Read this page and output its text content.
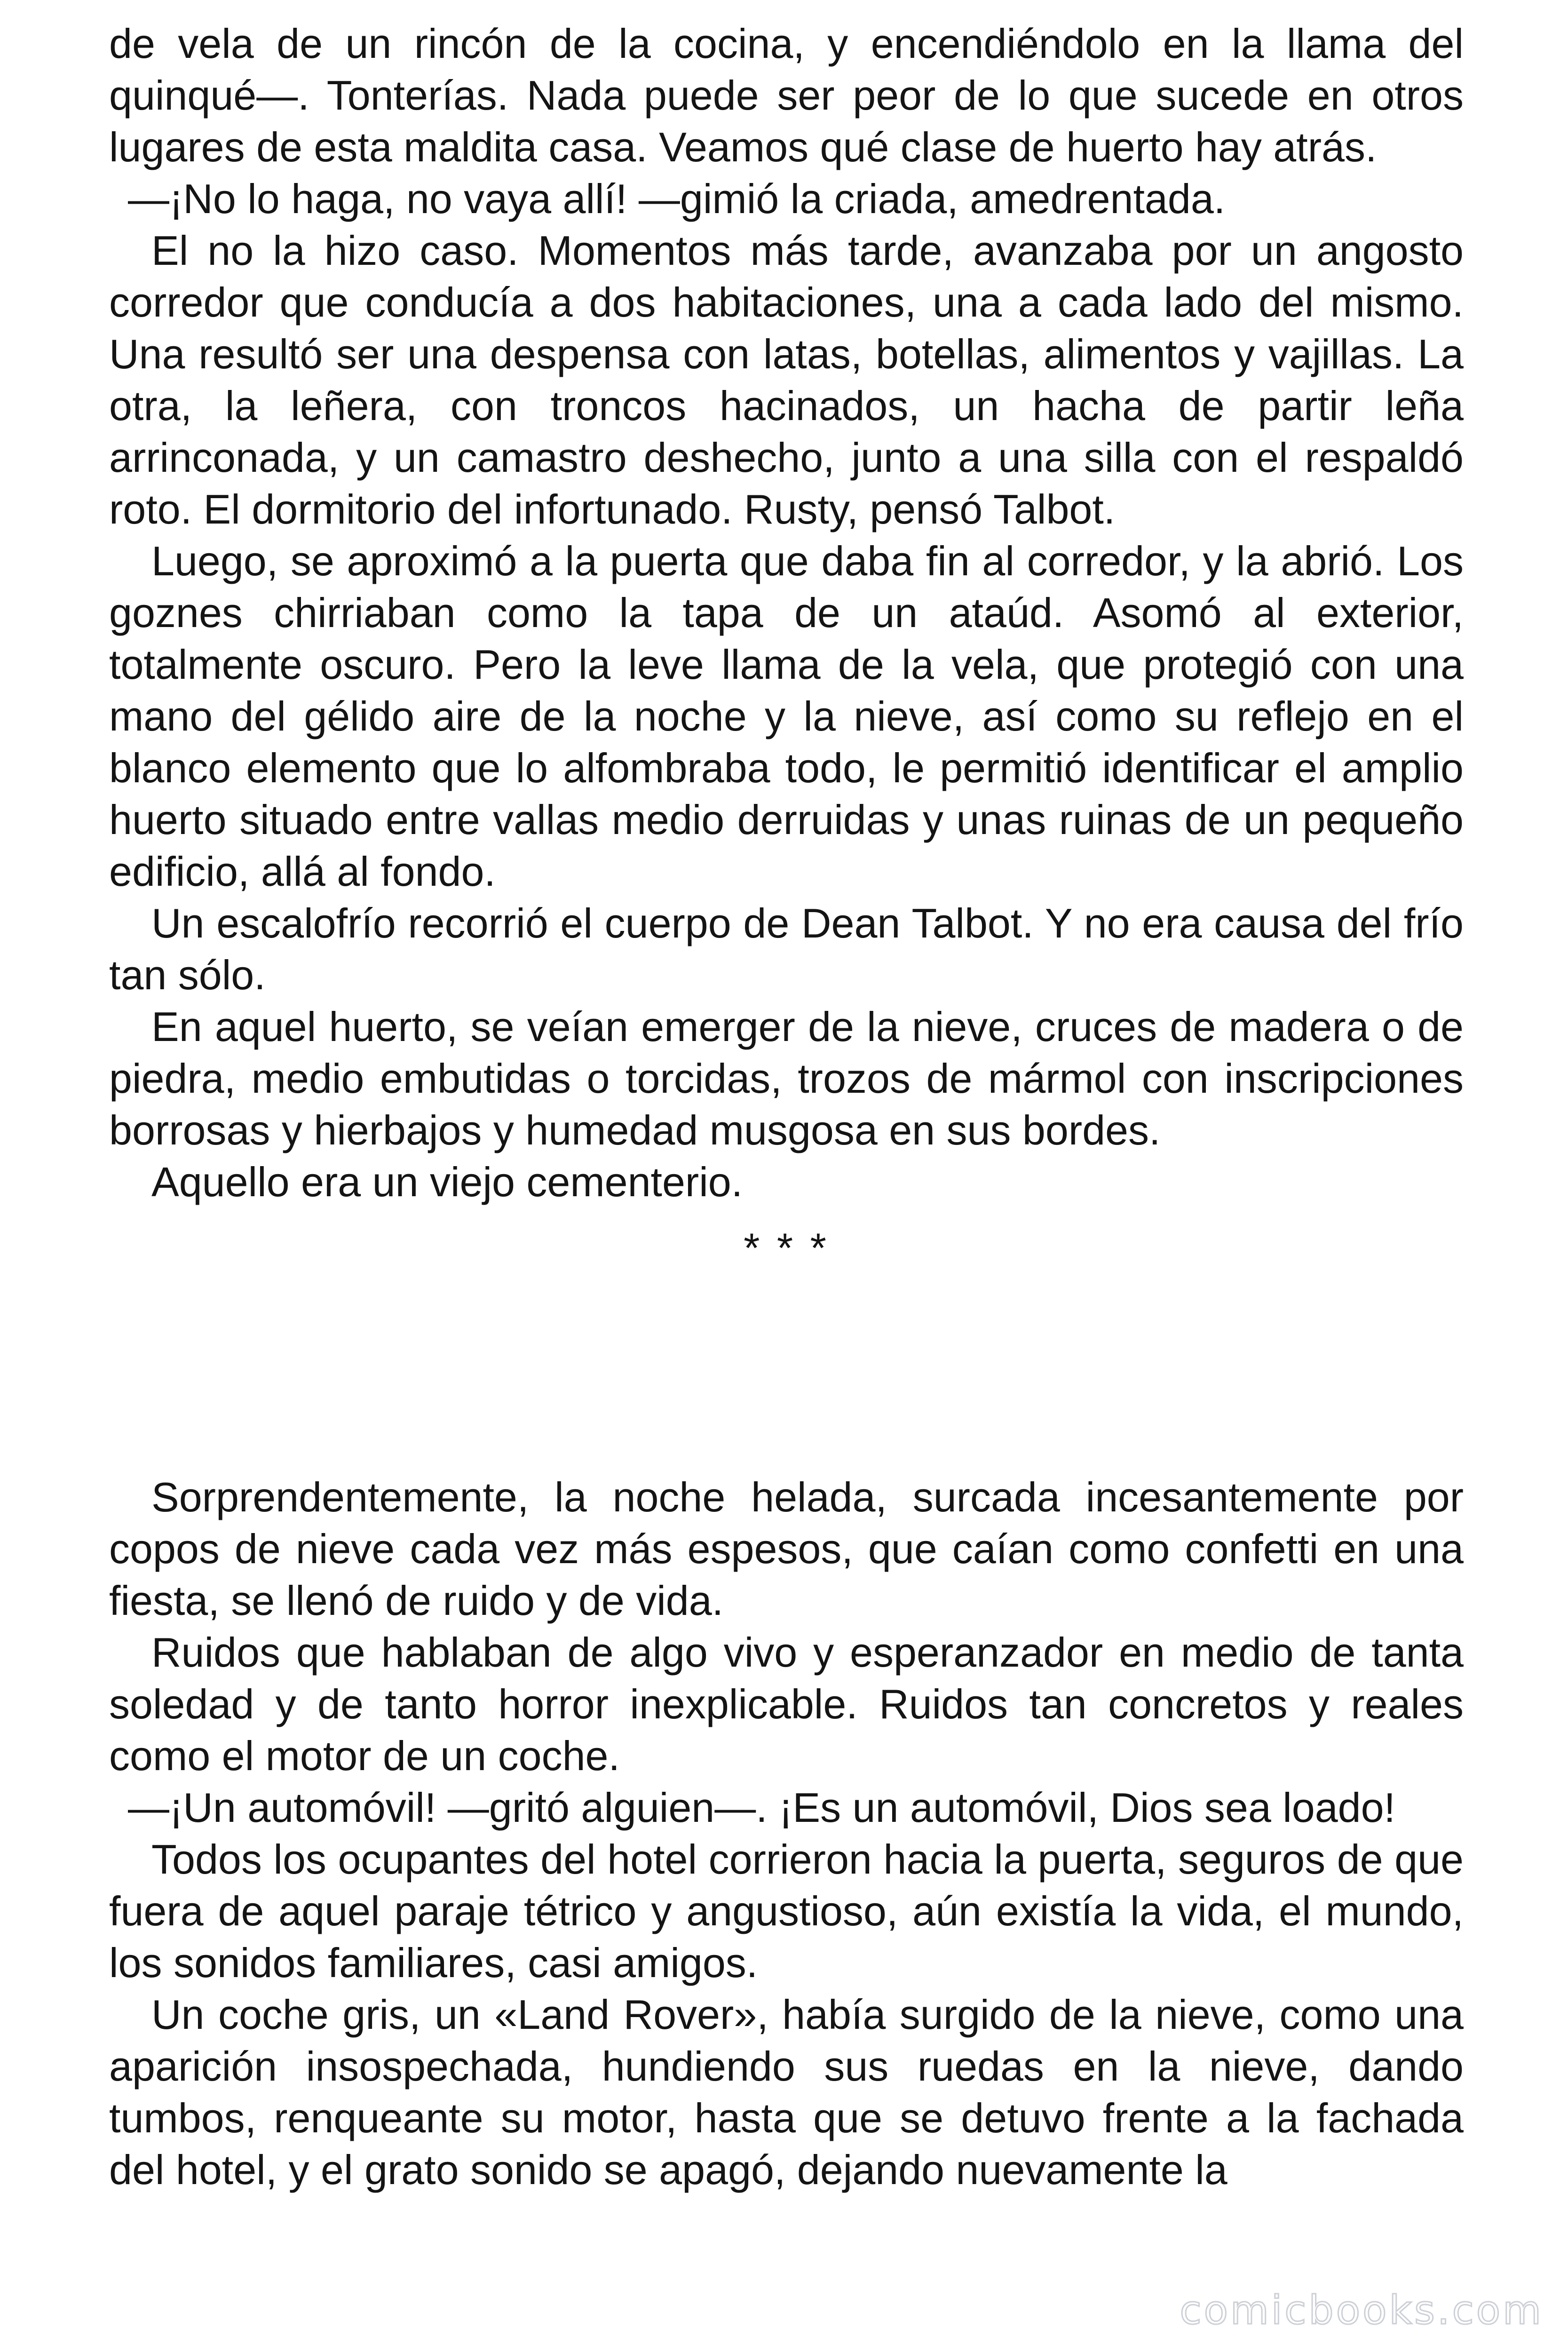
de vela de un rincón de la cocina, y encendiéndolo en la llama del quinqué—. Tonterías. Nada puede ser peor de lo que sucede en otros lugares de esta maldita casa. Veamos qué clase de huerto hay atrás.

—¡No lo haga, no vaya allí! —gimió la criada, amedrentada.

El no la hizo caso. Momentos más tarde, avanzaba por un angosto corredor que conducía a dos habitaciones, una a cada lado del mismo. Una resultó ser una despensa con latas, botellas, alimentos y vajillas. La otra, la leñera, con troncos hacinados, un hacha de partir leña arrinconada, y un camastro deshecho, junto a una silla con el respaldó roto. El dormitorio del infortunado. Rusty, pensó Talbot.

Luego, se aproximó a la puerta que daba fin al corredor, y la abrió. Los goznes chirriaban como la tapa de un ataúd. Asomó al exterior, totalmente oscuro. Pero la leve llama de la vela, que protegió con una mano del gélido aire de la noche y la nieve, así como su reflejo en el blanco elemento que lo alfombraba todo, le permitió identificar el amplio huerto situado entre vallas medio derruidas y unas ruinas de un pequeño edificio, allá al fondo.

Un escalofrío recorrió el cuerpo de Dean Talbot. Y no era causa del frío tan sólo.

En aquel huerto, se veían emerger de la nieve, cruces de madera o de piedra, medio embutidas o torcidas, trozos de mármol con inscripciones borrosas y hierbajos y humedad musgosa en sus bordes.

Aquello era un viejo cementerio.

* * *

Sorprendentemente, la noche helada, surcada incesantemente por copos de nieve cada vez más espesos, que caían como confetti en una fiesta, se llenó de ruido y de vida.

Ruidos que hablaban de algo vivo y esperanzador en medio de tanta soledad y de tanto horror inexplicable. Ruidos tan concretos y reales como el motor de un coche.

—¡Un automóvil! —gritó alguien—. ¡Es un automóvil, Dios sea loado!

Todos los ocupantes del hotel corrieron hacia la puerta, seguros de que fuera de aquel paraje tétrico y angustioso, aún existía la vida, el mundo, los sonidos familiares, casi amigos.

Un coche gris, un «Land Rover», había surgido de la nieve, como una aparición insospechada, hundiendo sus ruedas en la nieve, dando tumbos, renqueante su motor, hasta que se detuvo frente a la fachada del hotel, y el grato sonido se apagó, dejando nuevamente la

comicbooks.com
